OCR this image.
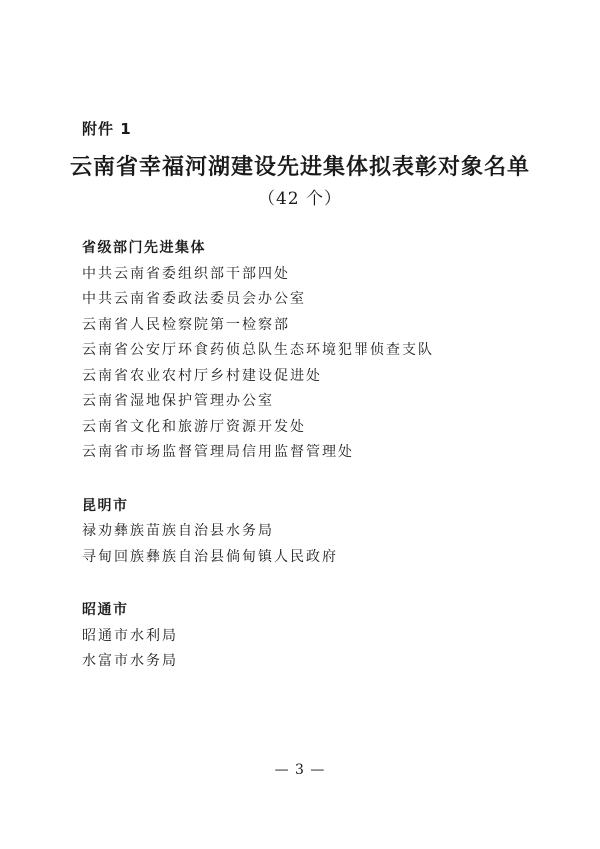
附件 1
云南省幸福河湖建设先进集体拟表彰对象名单
（42 个）
省级部门先进集体
中共云南省委组织部干部四处
中共云南省委政法委员会办公室
云南省人民检察院第一检察部
云南省公安厅环食药侦总队生态环境犯罪侦查支队
云南省农业农村厅乡村建设促进处
云南省湿地保护管理办公室
云南省文化和旅游厅资源开发处
云南省市场监督管理局信用监督管理处
昆明市
禄劝彝族苗族自治县水务局
寻甸回族彝族自治县倘甸镇人民政府
昭通市
昭通市水利局
水富市水务局
— 3 —
